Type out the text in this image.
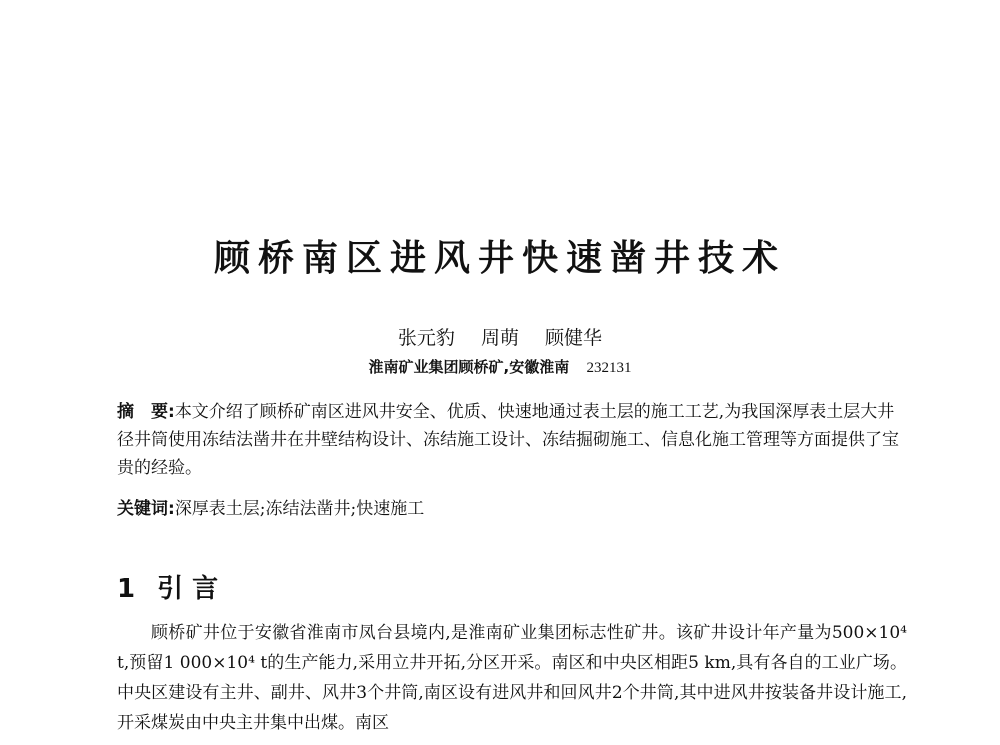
顾桥南区进风井快速凿井技术
张元豹 周萌 顾健华
淮南矿业集团顾桥矿,安徽淮南 232131
摘　要:本文介绍了顾桥矿南区进风井安全、优质、快速地通过表土层的施工工艺,为我国深厚表土层大井径井筒使用冻结法凿井在井壁结构设计、冻结施工设计、冻结掘砌施工、信息化施工管理等方面提供了宝贵的经验。
关键词:深厚表土层;冻结法凿井;快速施工
1 引 言
顾桥矿井位于安徽省淮南市凤台县境内,是淮南矿业集团标志性矿井。该矿井设计年产量为500×10⁴ t,预留1 000×10⁴ t的生产能力,采用立井开拓,分区开采。南区和中央区相距5 km,具有各自的工业广场。中央区建设有主井、副井、风井3个井筒,南区设有进风井和回风井2个井筒,其中进风井按装备井设计施工,开采煤炭由中央主井集中出煤。南区
